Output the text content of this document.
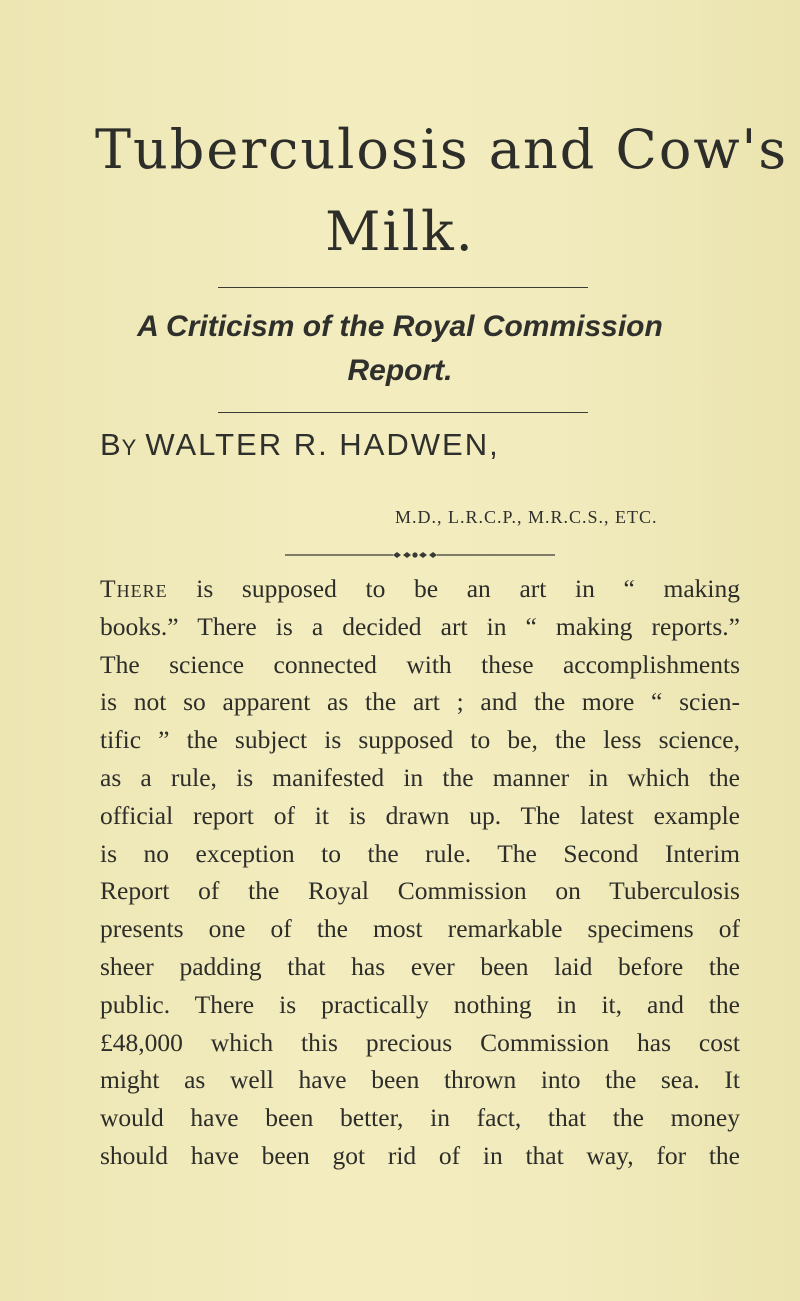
Tuberculosis and Cow's
Milk.
A Criticism of the Royal Commission
Report.
By WALTER R. HADWEN,
M.D., L.R.C.P., M.R.C.S., ETC.
There is supposed to be an art in “ making
books.” There is a decided art in “ making reports.”
The science connected with these accomplishments
is not so apparent as the art ; and the more “ scien-
tific ” the subject is supposed to be, the less science,
as a rule, is manifested in the manner in which the
official report of it is drawn up. The latest example
is no exception to the rule. The Second Interim
Report of the Royal Commission on Tuberculosis
presents one of the most remarkable specimens of
sheer padding that has ever been laid before the
public. There is practically nothing in it, and the
£48,000 which this precious Commission has cost
might as well have been thrown into the sea. It
would have been better, in fact, that the money
should have been got rid of in that way, for the
